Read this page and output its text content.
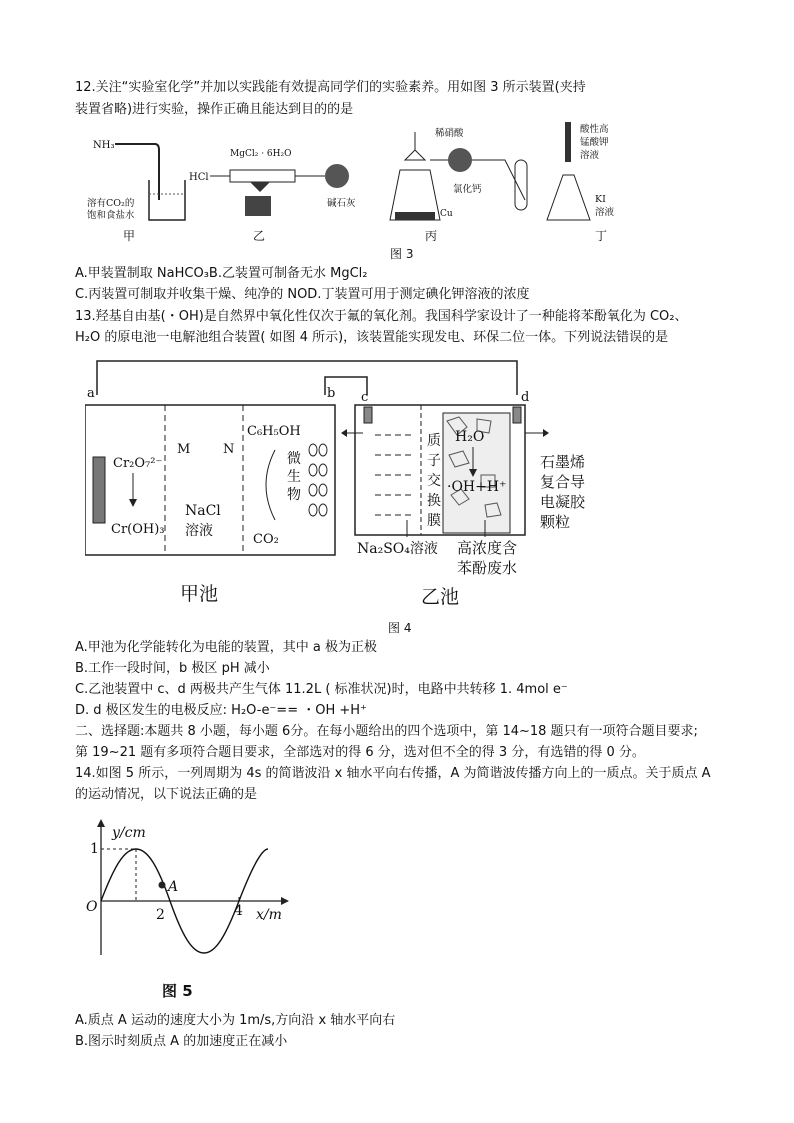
12.关注“实验室化学”并加以实践能有效提高同学们的实验素养。用如图 3 所示装置(夹持
装置省略)进行实验，操作正确且能达到目的的是
NH₃
溶有CO₂的
饱和食盐水
甲
HCl
MgCl₂ · 6H₂O
碱石灰
乙
稀硝酸
Cu
氯化钙
丙
酸性高
锰酸钾
溶液
KI
溶液
丁
图 3
A.甲装置制取 NaHCO₃B.乙装置可制备无水 MgCl₂
C.丙装置可制取并收集干燥、纯净的 NOD.丁装置可用于测定碘化钾溶液的浓度
13.羟基自由基(・OH)是自然界中氧化性仅次于氟的氧化剂。我国科学家设计了一种能将苯酚氧化为 CO₂、
H₂O 的原电池一电解池组合装置( 如图 4 所示)，该装置能实现发电、环保二位一体。下列说法错误的是
a	b c	d
Cr₂O₇²⁻
Cr(OH)₃
M	N
NaCl
溶液
C₆H₅OH
微
生
物
CO₂
甲池
质
子
交
换
膜
H₂O
·OH+H⁺
石墨烯
复合导
电凝胶
颗粒
Na₂SO₄溶液 高浓度含
苯酚废水
乙池
图 4
A.甲池为化学能转化为电能的装置，其中 a 极为正极
B.工作一段时间，b 极区 pH 减小
C.乙池装置中 c、d 两极共产生气体 11.2L ( 标准状况)时，电路中共转移 1. 4mol e⁻
D. d 极区发生的电极反应: H₂O-e⁻== ・OH +H⁺
二、选择题:本题共 8 小题，每小题 6分。在每小题给出的四个选项中，第 14~18 题只有一项符合题目要求;
第 19~21 题有多项符合题目要求，全部选对的得 6 分，选对但不全的得 3 分，有选错的得 0 分。
14.如图 5 所示，一列周期为 4s 的简谐波沿 x 轴水平向右传播，A 为简谐波传播方向上的一质点。关于质点 A
的运动情况，以下说法正确的是
y/cm
x/m
O
1
2	4
A
图 5
A.质点 A 运动的速度大小为 1m/s,方向沿 x 轴水平向右
B.图示时刻质点 A 的加速度正在减小
